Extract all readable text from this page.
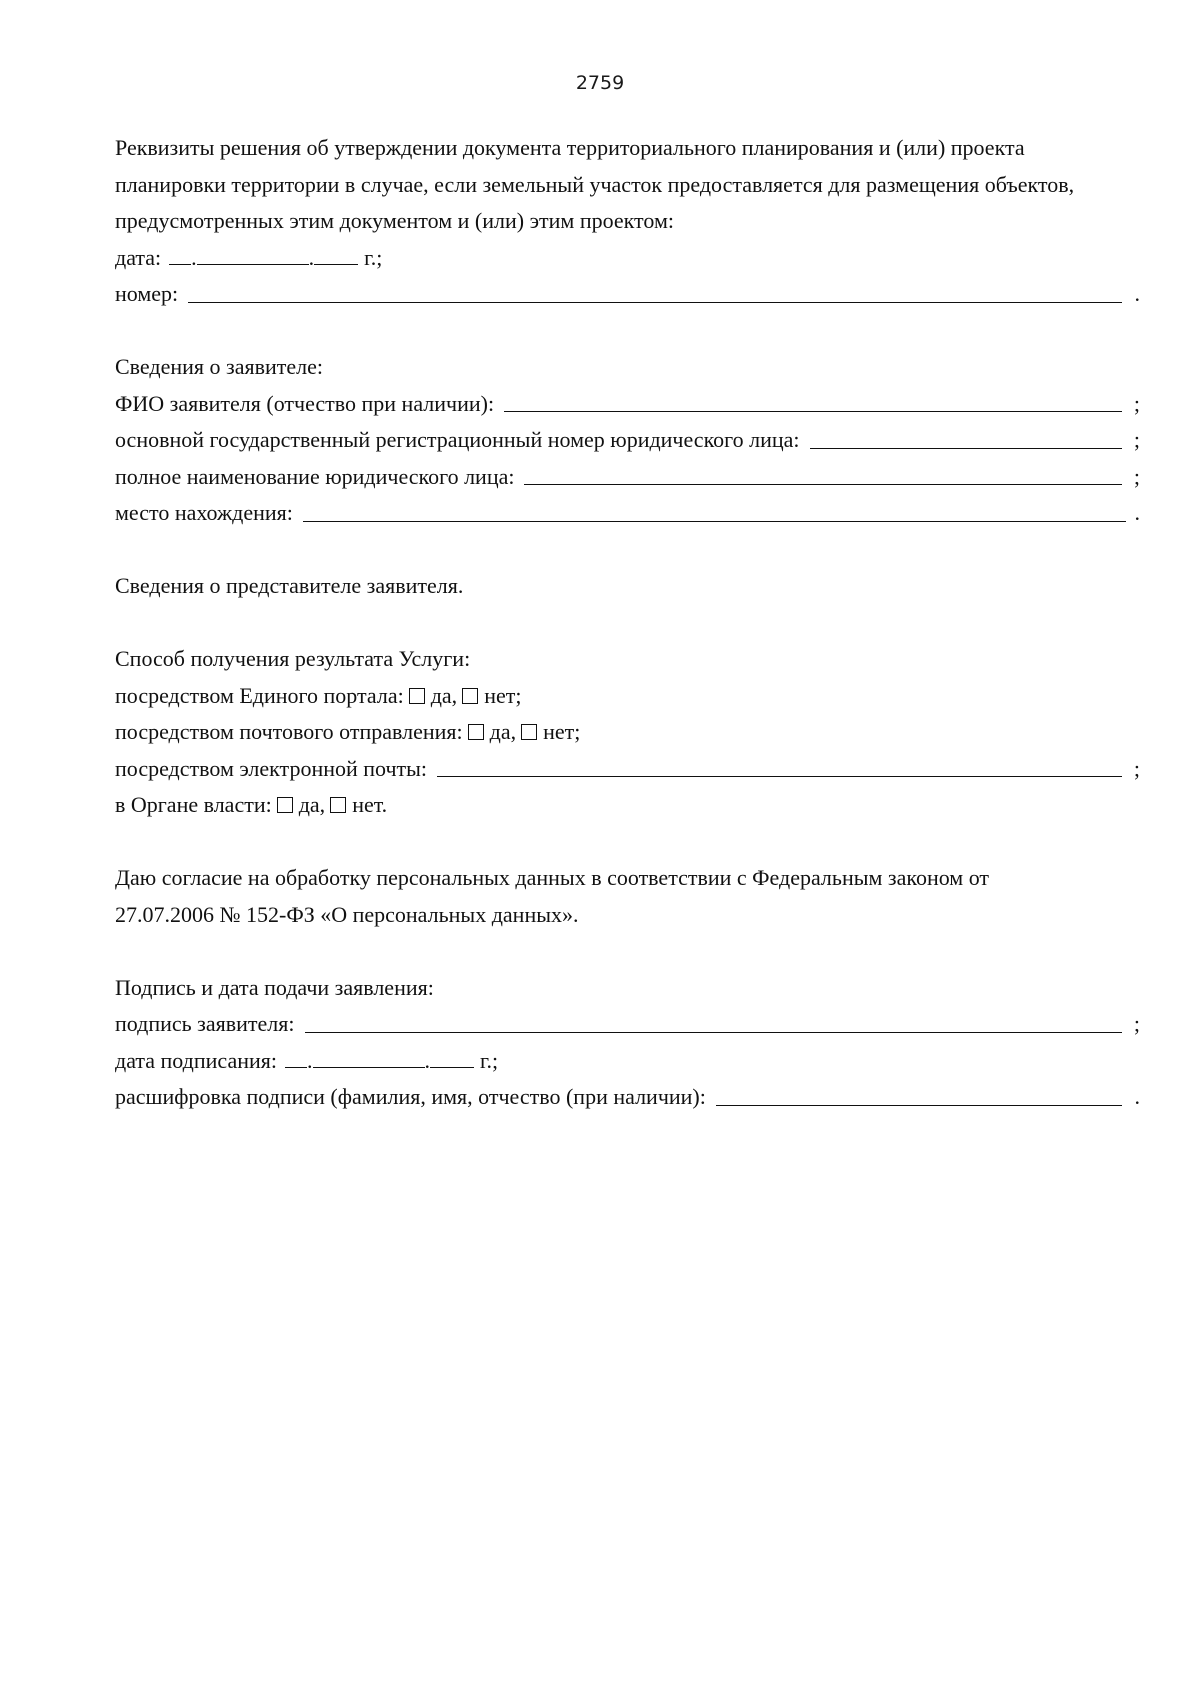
2759
Реквизиты решения об утверждении документа территориального планирования и (или) проекта планировки территории в случае, если земельный участок предоставляется для размещения объектов, предусмотренных этим документом и (или) этим проектом:
дата: .	. г.;
номер:	.
Сведения о заявителе:
ФИО заявителя (отчество при наличии):	;
основной государственный регистрационный номер юридического лица:	;
полное наименование юридического лица:	;
место нахождения:	.
Сведения о представителе заявителя.
Способ получения результата Услуги:
посредством Единого портала: да, нет;
посредством почтового отправления: да, нет;
посредством электронной почты:	;
в Органе власти: да, нет.
Даю согласие на обработку персональных данных в соответствии с Федеральным законом от 27.07.2006 № 152-ФЗ «О персональных данных».
Подпись и дата подачи заявления:
подпись заявителя:	;
дата подписания: .	. г.;
расшифровка подписи (фамилия, имя, отчество (при наличии):	.
